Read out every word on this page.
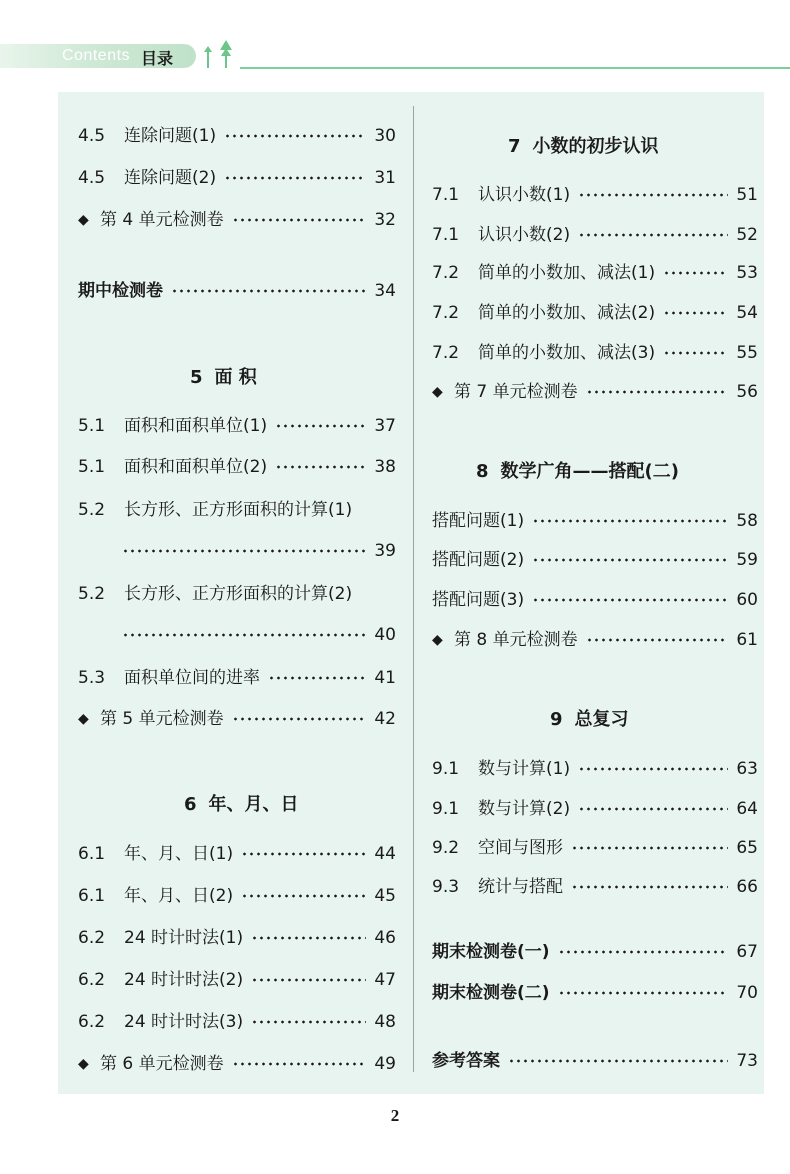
Contents 目录
4.5	连除问题(1)	30
4.5	连除问题(2)	31
◆ 第 4 单元检测卷	32
期中检测卷	34
5 面 积
5.1	面积和面积单位(1)	37
5.1	面积和面积单位(2)	38
5.2	长方形、正方形面积的计算(1)
39
5.2	长方形、正方形面积的计算(2)
40
5.3	面积单位间的进率	41
◆ 第 5 单元检测卷	42
6 年、月、日
6.1	年、月、日(1)	44
6.1	年、月、日(2)	45
6.2	24 时计时法(1)	46
6.2	24 时计时法(2)	47
6.2	24 时计时法(3)	48
◆ 第 6 单元检测卷	49
7 小数的初步认识
7.1	认识小数(1)	51
7.1	认识小数(2)	52
7.2	简单的小数加、减法(1)	53
7.2	简单的小数加、减法(2)	54
7.2	简单的小数加、减法(3)	55
◆ 第 7 单元检测卷	56
8 数学广角——搭配(二)
搭配问题(1)	58
搭配问题(2)	59
搭配问题(3)	60
◆ 第 8 单元检测卷	61
9 总复习
9.1	数与计算(1)	63
9.1	数与计算(2)	64
9.2	空间与图形	65
9.3	统计与搭配	66
期末检测卷(一)	67
期末检测卷(二)	70
参考答案	73
2
